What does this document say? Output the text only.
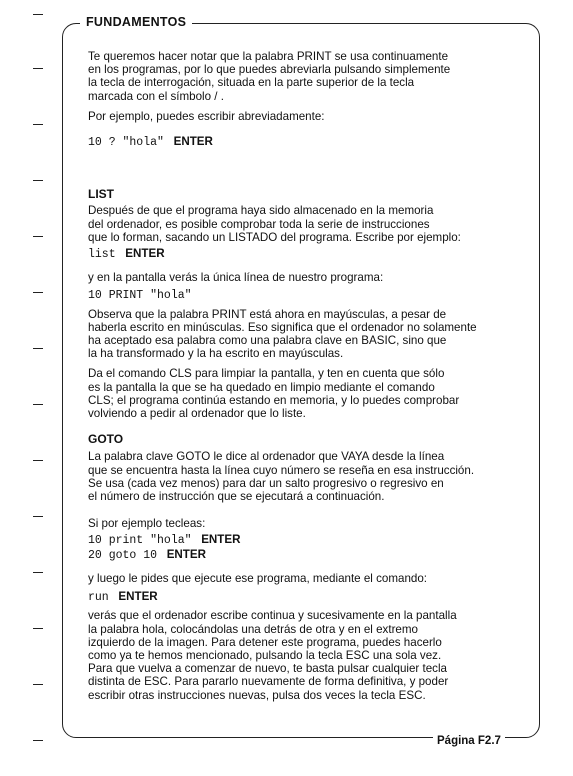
FUNDAMENTOS

Te queremos hacer notar que la palabra PRINT se usa continuamente

en los programas, por lo que puedes abreviarla pulsando simplemente

la tecla de interrogación, situada en la parte superior de la tecla

marcada con el símbolo / .

Por ejemplo, puedes escribir abreviadamente:

10 ? "hola" ENTER

LIST

Después de que el programa haya sido almacenado en la memoria

del ordenador, es posible comprobar toda la serie de instrucciones

que lo forman, sacando un LISTADO del programa. Escribe por ejemplo:

list ENTER

y en la pantalla verás la única línea de nuestro programa:

10 PRINT "hola"

Observa que la palabra PRINT está ahora en mayúsculas, a pesar de

haberla escrito en minúsculas. Eso significa que el ordenador no solamente

ha aceptado esa palabra como una palabra clave en BASIC, sino que

la ha transformado y la ha escrito en mayúsculas.

Da el comando CLS para limpiar la pantalla, y ten en cuenta que sólo

es la pantalla la que se ha quedado en limpio mediante el comando

CLS; el programa continúa estando en memoria, y lo puedes comprobar

volviendo a pedir al ordenador que lo liste.

GOTO

La palabra clave GOTO le dice al ordenador que VAYA desde la línea

que se encuentra hasta la línea cuyo número se reseña en esa instrucción.

Se usa (cada vez menos) para dar un salto progresivo o regresivo en

el número de instrucción que se ejecutará a continuación.

Si por ejemplo tecleas:

10 print "hola" ENTER

20 goto 10 ENTER

y luego le pides que ejecute ese programa, mediante el comando:

run ENTER

verás que el ordenador escribe continua y sucesivamente en la pantalla

la palabra hola, colocándolas una detrás de otra y en el extremo

izquierdo de la imagen. Para detener este programa, puedes hacerlo

como ya te hemos mencionado, pulsando la tecla ESC una sola vez.

Para que vuelva a comenzar de nuevo, te basta pulsar cualquier tecla

distinta de ESC. Para pararlo nuevamente de forma definitiva, y poder

escribir otras instrucciones nuevas, pulsa dos veces la tecla ESC.

Página F2.7
